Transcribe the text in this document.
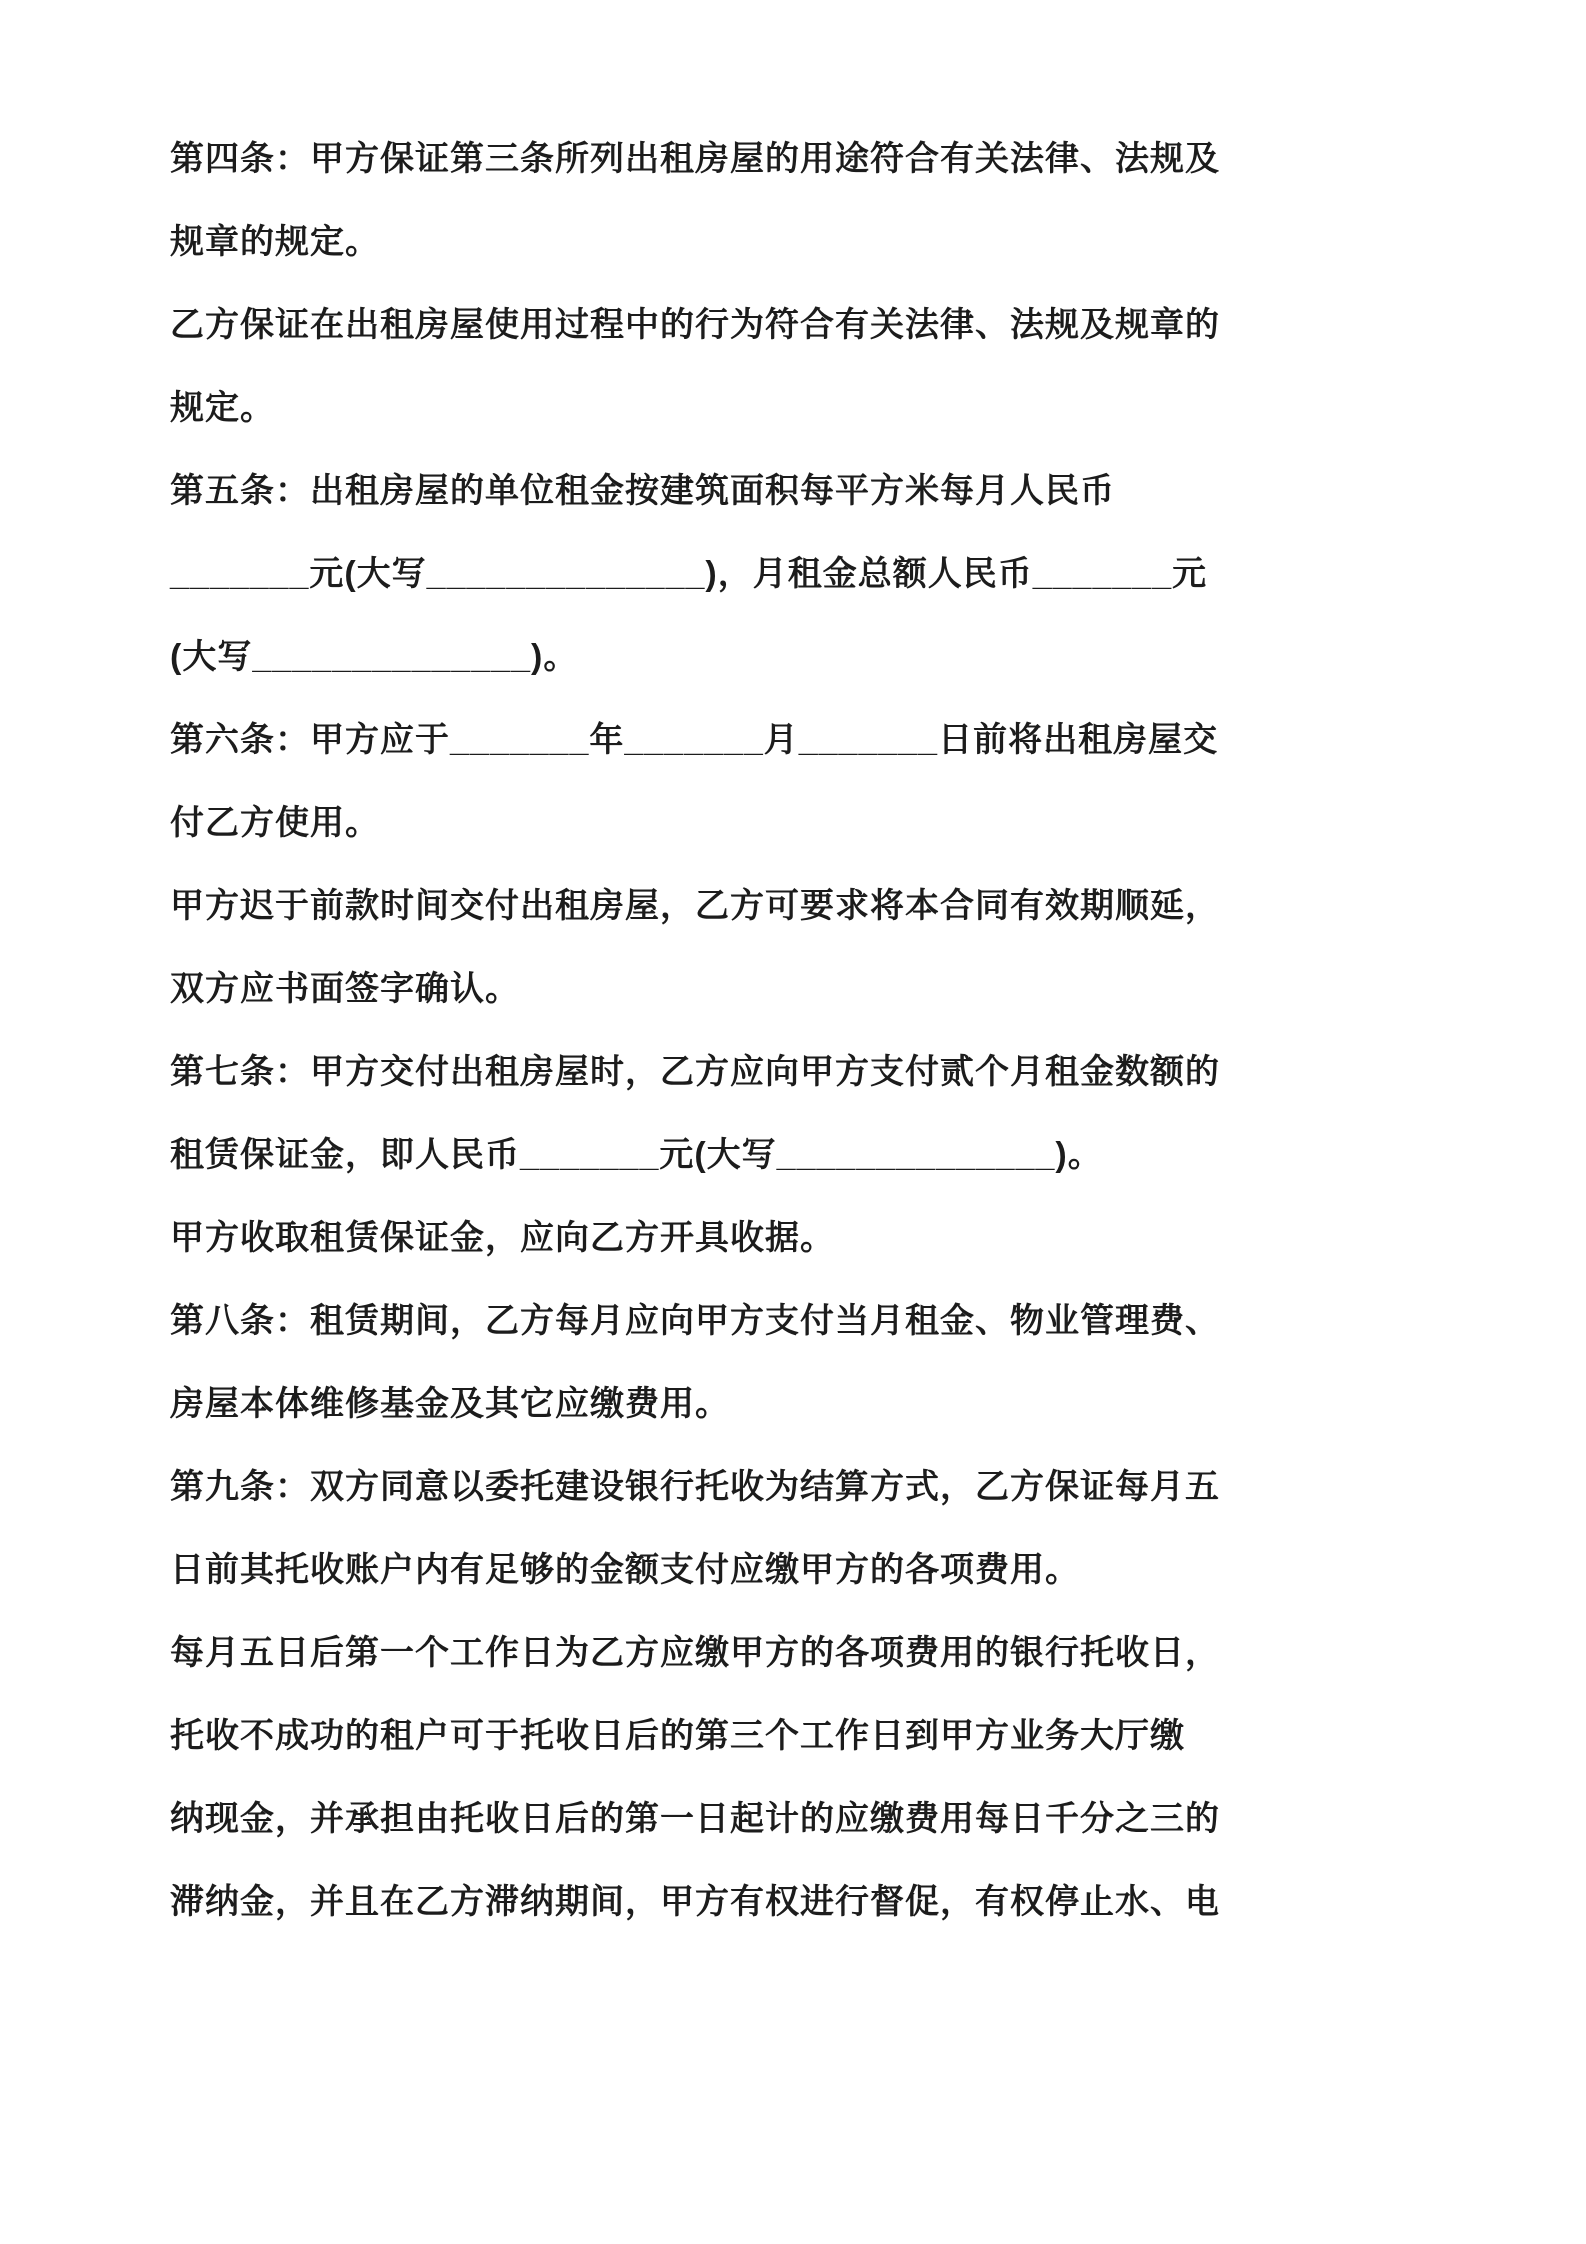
第四条：甲方保证第三条所列出租房屋的用途符合有关法律、法规及

规章的规定。

乙方保证在出租房屋使用过程中的行为符合有关法律、法规及规章的

规定。

第五条：出租房屋的单位租金按建筑面积每平方米每月人民币

_______元(大写______________)，月租金总额人民币_______元

(大写______________)。

第六条：甲方应于_______年_______月_______日前将出租房屋交

付乙方使用。

甲方迟于前款时间交付出租房屋，乙方可要求将本合同有效期顺延，

双方应书面签字确认。

第七条：甲方交付出租房屋时，乙方应向甲方支付贰个月租金数额的

租赁保证金，即人民币_______元(大写______________)。

甲方收取租赁保证金，应向乙方开具收据。

第八条：租赁期间，乙方每月应向甲方支付当月租金、物业管理费、

房屋本体维修基金及其它应缴费用。

第九条：双方同意以委托建设银行托收为结算方式，乙方保证每月五

日前其托收账户内有足够的金额支付应缴甲方的各项费用。

每月五日后第一个工作日为乙方应缴甲方的各项费用的银行托收日，

托收不成功的租户可于托收日后的第三个工作日到甲方业务大厅缴

纳现金，并承担由托收日后的第一日起计的应缴费用每日千分之三的

滞纳金，并且在乙方滞纳期间，甲方有权进行督促，有权停止水、电
